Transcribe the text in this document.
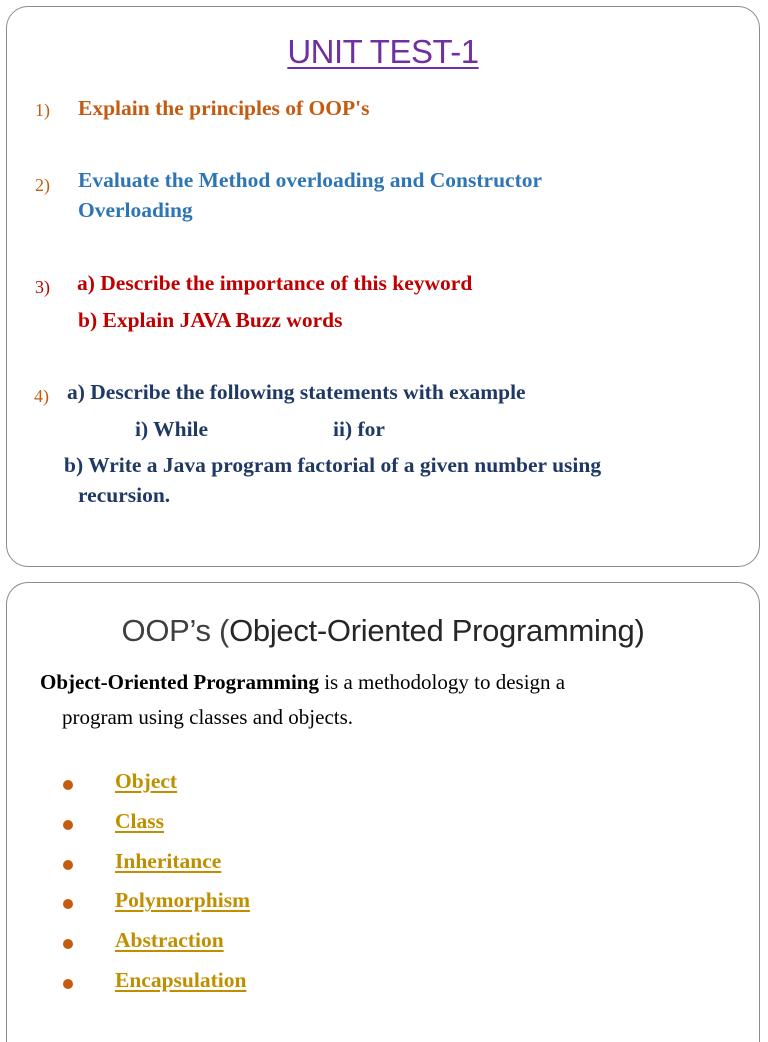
UNIT TEST-1
1) Explain the principles of OOP's
2) Evaluate the Method overloading and Constructor
Overloading
3) a) Describe the importance of this keyword
b) Explain JAVA Buzz words
4) a) Describe the following statements with example
i) While	ii) for
b) Write a Java program factorial of a given number using
recursion.
OOP’s (Object-Oriented Programming)
Object-Oriented Programming is a methodology to design a
program using classes and objects.
Object
Class
Inheritance
Polymorphism
Abstraction
Encapsulation
